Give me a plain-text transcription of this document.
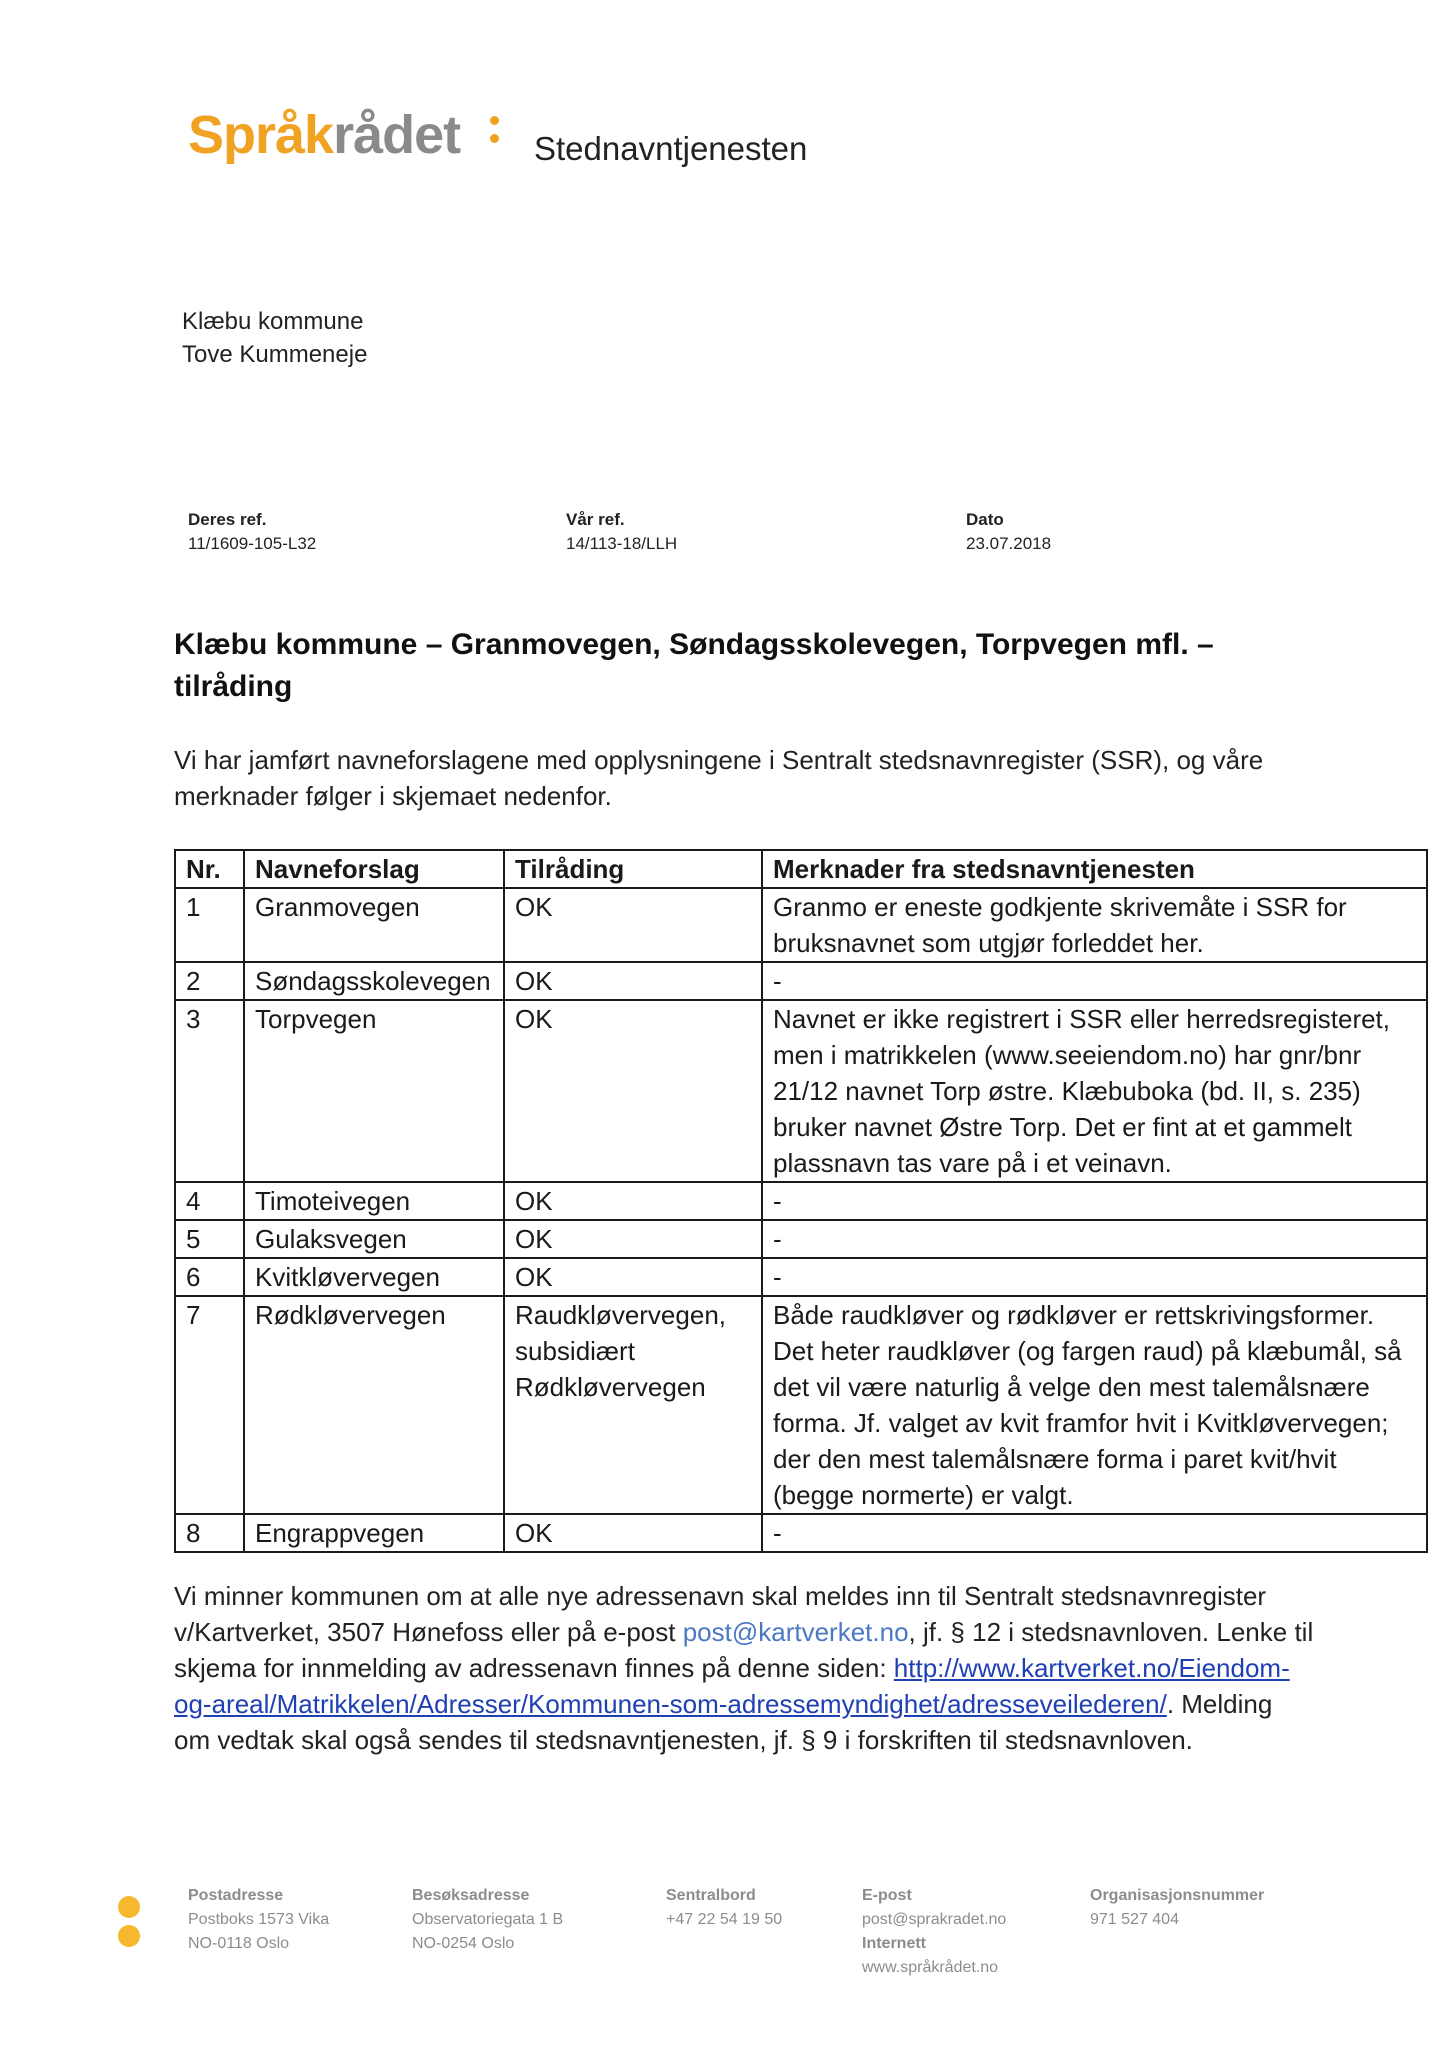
Språkrådet Stednavntjenesten
Klæbu kommune
Tove Kummeneje
Deres ref.
11/1609-105-L32
Vår ref.
14/113-18/LLH
Dato
23.07.2018
Klæbu kommune – Granmovegen, Søndagsskolevegen, Torpvegen mfl. – tilråding
Vi har jamført navneforslagene med opplysningene i Sentralt stedsnavnregister (SSR), og våre merknader følger i skjemaet nedenfor.
Nr.	Navneforslag	Tilråding	Merknader fra stedsnavntjenesten
1	Granmovegen	OK	Granmo er eneste godkjente skrivemåte i SSR for bruksnavnet som utgjør forleddet her.
2	Søndagsskolevegen	OK	-
3	Torpvegen	OK	Navnet er ikke registrert i SSR eller herredsregisteret, men i matrikkelen (www.seeiendom.no) har gnr/bnr 21/12 navnet Torp østre. Klæbuboka (bd. II, s. 235) bruker navnet Østre Torp. Det er fint at et gammelt plassnavn tas vare på i et veinavn.
4	Timoteivegen	OK	-
5	Gulaksvegen	OK	-
6	Kvitkløvervegen	OK	-
7	Rødkløvervegen	Raudkløvervegen, subsidiært Rødkløvervegen	Både raudkløver og rødkløver er rettskrivingsformer. Det heter raudkløver (og fargen raud) på klæbumål, så det vil være naturlig å velge den mest talemålsnære forma. Jf. valget av kvit framfor hvit i Kvitkløvervegen; der den mest talemålsnære forma i paret kvit/hvit (begge normerte) er valgt.
8	Engrappvegen	OK	-
Vi minner kommunen om at alle nye adressenavn skal meldes inn til Sentralt stedsnavnregister v/Kartverket, 3507 Hønefoss eller på e-post post@kartverket.no, jf. § 12 i stedsnavnloven. Lenke til skjema for innmelding av adressenavn finnes på denne siden: http://www.kartverket.no/Eiendom-og-areal/Matrikkelen/Adresser/Kommunen-som-adressemyndighet/adresseveilederen/. Melding om vedtak skal også sendes til stedsnavntjenesten, jf. § 9 i forskriften til stedsnavnloven.
Postadresse
Postboks 1573 Vika
NO-0118 Oslo
Besøksadresse
Observatoriegata 1 B
NO-0254 Oslo
Sentralbord
+47 22 54 19 50
E-post
post@sprakradet.no
Internett
www.språkrådet.no
Organisasjonsnummer
971 527 404
